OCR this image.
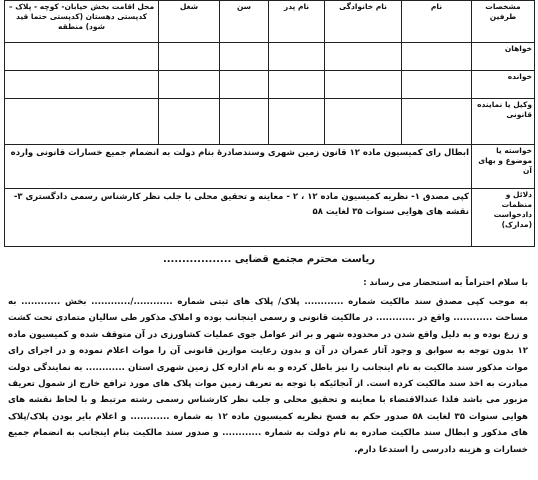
مشخصات طرفین	نام	نام خانوادگی	نام پدر	سن	شغل	محل اقامت بخش خیابان- کوچه - پلاک – کدپستی دهستان (کدپستی حتما قید شود) منطقه
خواهان						
خوانده						
وکیل یا نماینده قانونی						
خواسته یا موضوع و بهای آن	ابطال رای کمیسیون ماده ۱۲ قانون زمین شهری وسندصادرهٔ بنام دولت به انضمام جمیع خسارات قانونی وارده					
دلائل و منظمات دادخواست (مدارک)	کپی مصدق ۱- نظریه کمیسیون ماده ۱۲ ، ۲ - معاینه و تحقیق محلی با جلب نظر کارشناس رسمی دادگستری ۳- نقشه های هوایی سنوات ۳۵ لغایت ۵۸					
ریاست محترم مجتمع قضایی ..................
با سلام احتراماً به استحضار می رساند :

به موجب کپی مصدق سند مالکیت شماره ............ پلاک/ پلاک های ثبتی شماره ............/............ بخش ............ به مساحت ............ واقع در ............ در مالکیت قانونی و رسمی اینجانب بوده و املاک مذکور طی سالیان متمادی تحت کشت و زرع بوده و به دلیل واقع شدن در محدوده شهر و بر اثر عوامل جوی عملیات کشاورزی در آن متوقف شده و کمیسیون ماده ۱۲ بدون توجه به سوابق و وجود آثار عمران در آن و بدون رعایت موازین قانونی آن را موات اعلام نموده و در اجرای رای موات مذکور سند مالکیت به نام اینجانب را نیز باطل کرده و به نام اداره کل زمین شهری استان ............ به نمایندگی دولت مبادرت به اخذ سند مالکیت کرده است. از آنجائیکه با توجه به تعریف زمین موات پلاک های مورد ترافع خارج از شمول تعریف مزبور می باشد فلذا عندالاقتضاء با معاینه و تحقیق محلی و جلب نظر کارشناس رسمی رشته مرتبط و با لحاظ نقشه های هوایی سنوات ۳۵ لغایت ۵۸ صدور حکم به فسخ نظریه کمیسیون ماده ۱۲ به شماره ............ و اعلام بایر بودن پلاک/پلاک های مذکور و ابطال سند مالکیت صادره به نام دولت به شماره ............ و صدور سند مالکیت بنام اینجانب به انضمام جمیع خسارات و هزینه دادرسی را استدعا دارم.
